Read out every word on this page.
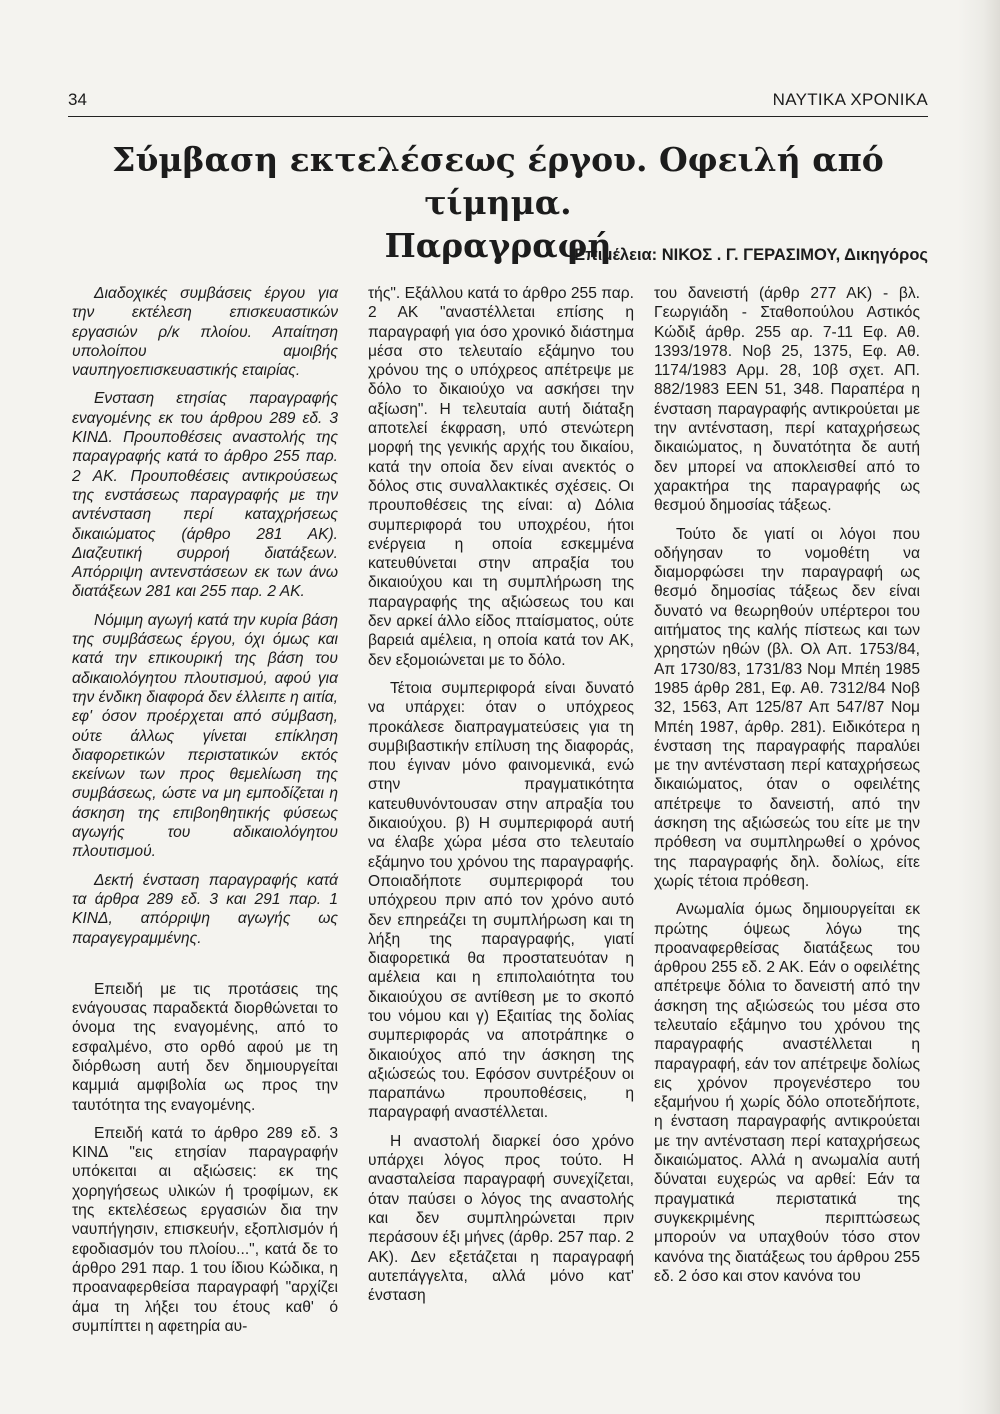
34	ΝΑΥΤΙΚΑ ΧΡΟΝΙΚΑ
Σύμβαση εκτελέσεως έργου. Οφειλή από τίμημα.
Παραγραφή
Επιμέλεια: ΝΙΚΟΣ . Γ. ΓΕΡΑΣΙΜΟΥ, Δικηγόρος

Διαδοχικές συμβάσεις έργου για την εκτέλεση επισκευαστικών εργασιών ρ/κ πλοίου. Απαίτηση υπολοίπου αμοιβής ναυπηγοεπισκευαστικής εταιρίας.

Ενσταση ετησίας παραγραφής εναγομένης εκ του άρθρου 289 εδ. 3 ΚΙΝΔ. Προυποθέσεις αναστολής της παραγραφής κατά το άρθρο 255 παρ. 2 ΑΚ. Προυποθέσεις αντικρούσεως της ενστάσεως παραγραφής με την αντένσταση περί καταχρήσεως δικαιώματος (άρθρο 281 ΑΚ). Διαζευτική συρροή διατάξεων. Απόρριψη αντενστάσεων εκ των άνω διατάξεων 281 και 255 παρ. 2 ΑΚ.

Νόμιμη αγωγή κατά την κυρία βάση της συμβάσεως έργου, όχι όμως και κατά την επικουρική της βάση του αδικαιολόγητου πλουτισμού, αφού για την ένδικη διαφορά δεν έλλειπε η αιτία, εφ' όσον προέρχεται από σύμβαση, ούτε άλλως γίνεται επίκληση διαφορετικών περιστατικών εκτός εκείνων των προς θεμελίωση της συμβάσεως, ώστε να μη εμποδίζεται η άσκηση της επιβοηθητικής φύσεως αγωγής του αδικαιολόγητου πλουτισμού.

Δεκτή ένσταση παραγραφής κατά τα άρθρα 289 εδ. 3 και 291 παρ. 1 ΚΙΝΔ, απόρριψη αγωγής ως παραγεγραμμένης.

Επειδή με τις προτάσεις της ενάγουσας παραδεκτά διορθώνεται το όνομα της εναγομένης, από το εσφαλμένο, στο ορθό αφού με τη διόρθωση αυτή δεν δημιουργείται καμμιά αμφιβολία ως προς την ταυτότητα της εναγομένης.

Επειδή κατά το άρθρο 289 εδ. 3 ΚΙΝΔ "εις ετησίαν παραγραφήν υπόκειται αι αξιώσεις: εκ της χορηγήσεως υλικών ή τροφίμων, εκ της εκτελέσεως εργασιών δια την ναυπήγησιν, επισκευήν, εξοπλισμόν ή εφοδιασμόν του πλοίου...", κατά δε το άρθρο 291 παρ. 1 του ίδιου Κώδικα, η προαναφερθείσα παραγραφή "αρχίζει άμα τη λήξει του έτους καθ' ό συμπίπτει η αφετηρία αυ-

τής". Εξάλλου κατά το άρθρο 255 παρ. 2 ΑΚ "αναστέλλεται επίσης η παραγραφή για όσο χρονικό διάστημα μέσα στο τελευταίο εξάμηνο του χρόνου της ο υπόχρεος απέτρεψε με δόλο το δικαιούχο να ασκήσει την αξίωση". Η τελευταία αυτή διάταξη αποτελεί έκφραση, υπό στενώτερη μορφή της γενικής αρχής του δικαίου, κατά την οποία δεν είναι ανεκτός ο δόλος στις συναλλακτικές σχέσεις. Οι προυποθέσεις της είναι: α) Δόλια συμπεριφορά του υποχρέου, ήτοι ενέργεια η οποία εσκεμμένα κατευθύνεται στην απραξία του δικαιούχου και τη συμπλήρωση της παραγραφής της αξιώσεως του και δεν αρκεί άλλο είδος πταίσματος, ούτε βαρειά αμέλεια, η οποία κατά τον ΑΚ, δεν εξομοιώνεται με το δόλο.

Τέτοια συμπεριφορά είναι δυνατό να υπάρχει: όταν ο υπόχρεος προκάλεσε διαπραγματεύσεις για τη συμβιβαστικήν επίλυση της διαφοράς, που έγιναν μόνο φαινομενικά, ενώ στην πραγματικότητα κατευθυνόντουσαν στην απραξία του δικαιούχου. β) Η συμπεριφορά αυτή να έλαβε χώρα μέσα στο τελευταίο εξάμηνο του χρόνου της παραγραφής. Οποιαδήποτε συμπεριφορά του υπόχρεου πριν από τον χρόνο αυτό δεν επηρεάζει τη συμπλήρωση και τη λήξη της παραγραφής, γιατί διαφορετικά θα προστατευόταν η αμέλεια και η επιπολαιότητα του δικαιούχου σε αντίθεση με το σκοπό του νόμου και γ) Εξαιτίας της δολίας συμπεριφοράς να αποτράπηκε ο δικαιούχος από την άσκηση της αξιώσεώς του. Εφόσον συντρέξουν οι παραπάνω προυποθέσεις, η παραγραφή αναστέλλεται.

Η αναστολή διαρκεί όσο χρόνο υπάρχει λόγος προς τούτο. Η ανασταλείσα παραγραφή συνεχίζεται, όταν παύσει ο λόγος της αναστολής και δεν συμπληρώνεται πριν περάσουν έξι μήνες (άρθρ. 257 παρ. 2 ΑΚ). Δεν εξετάζεται η παραγραφή αυτεπάγγελτα, αλλά μόνο κατ' ένσταση

του δανειστή (άρθρ 277 ΑΚ) - βλ. Γεωργιάδη - Σταθοπούλου Αστικός Κώδιξ άρθρ. 255 αρ. 7-11 Εφ. Αθ. 1393/1978. Νοβ 25, 1375, Εφ. Αθ. 1174/1983 Αρμ. 28, 10β σχετ. ΑΠ. 882/1983 ΕΕΝ 51, 348. Παραπέρα η ένσταση παραγραφής αντικρούεται με την αντένσταση, περί καταχρήσεως δικαιώματος, η δυνατότητα δε αυτή δεν μπορεί να αποκλεισθεί από το χαρακτήρα της παραγραφής ως θεσμού δημοσίας τάξεως.

Τούτο δε γιατί οι λόγοι που οδήγησαν το νομοθέτη να διαμορφώσει την παραγραφή ως θεσμό δημοσίας τάξεως δεν είναι δυνατό να θεωρηθούν υπέρτεροι του αιτήματος της καλής πίστεως και των χρηστών ηθών (βλ. Ολ Απ. 1753/84, Απ 1730/83, 1731/83 Νομ Μπέη 1985 1985 άρθρ 281, Εφ. Αθ. 7312/84 Νοβ 32, 1563, Απ 125/87 Απ 547/87 Νομ Μπέη 1987, άρθρ. 281). Ειδικότερα η ένσταση της παραγραφής παραλύει με την αντένσταση περί καταχρήσεως δικαιώματος, όταν ο οφειλέτης απέτρεψε το δανειστή, από την άσκηση της αξιώσεώς του είτε με την πρόθεση να συμπληρωθεί ο χρόνος της παραγραφής δηλ. δολίως, είτε χωρίς τέτοια πρόθεση.

Ανωμαλία όμως δημιουργείται εκ πρώτης όψεως λόγω της προαναφερθείσας διατάξεως του άρθρου 255 εδ. 2 ΑΚ. Εάν ο οφειλέτης απέτρεψε δόλια το δανειστή από την άσκηση της αξιώσεώς του μέσα στο τελευταίο εξάμηνο του χρόνου της παραγραφής αναστέλλεται η παραγραφή, εάν τον απέτρεψε δολίως εις χρόνον προγενέστερο του εξαμήνου ή χωρίς δόλο οποτεδήποτε, η ένσταση παραγραφής αντικρούεται με την αντένσταση περί καταχρήσεως δικαιώματος. Αλλά η ανωμαλία αυτή δύναται ευχερώς να αρθεί: Εάν τα πραγματικά περιστατικά της συγκεκριμένης περιπτώσεως μπορούν να υπαχθούν τόσο στον κανόνα της διατάξεως του άρθρου 255 εδ. 2 όσο και στον κανόνα του
